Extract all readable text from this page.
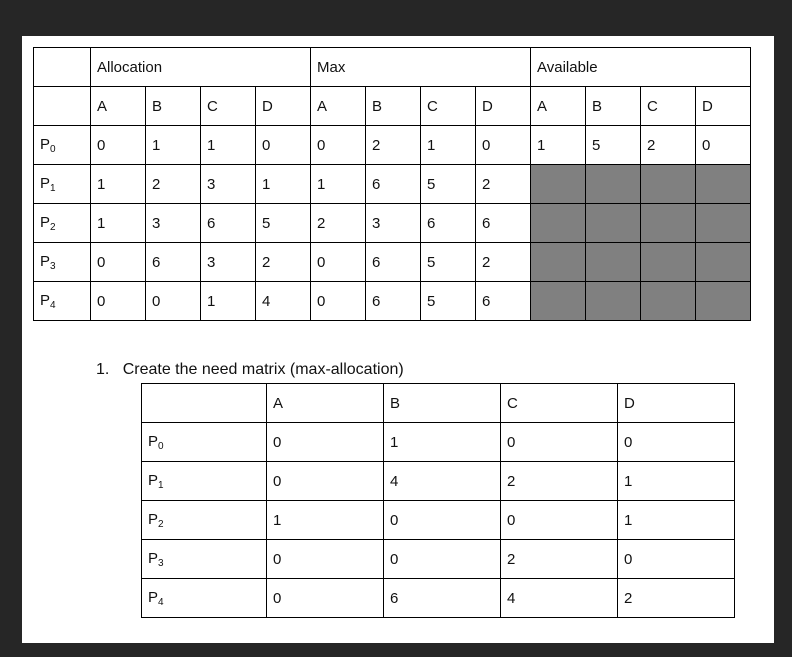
	Allocation				Max				Available			
	A	B	C	D	A	B	C	D	A	B	C	D
$P_0$	0	1	1	0	0	2	1	0	1	5	2	0
$P_1$	1	2	3	1	1	6	5	2				
$P_2$	1	3	6	5	2	3	6	6				
$P_3$	0	6	3	2	0	6	5	2				
$P_4$	0	0	1	4	0	6	5	6				
1. Create the need matrix (max-allocation)
	A	B	C	D
$P_0$	0	1	0	0
$P_1$	0	4	2	1
$P_2$	1	0	0	1
$P_3$	0	0	2	0
$P_4$	0	6	4	2
